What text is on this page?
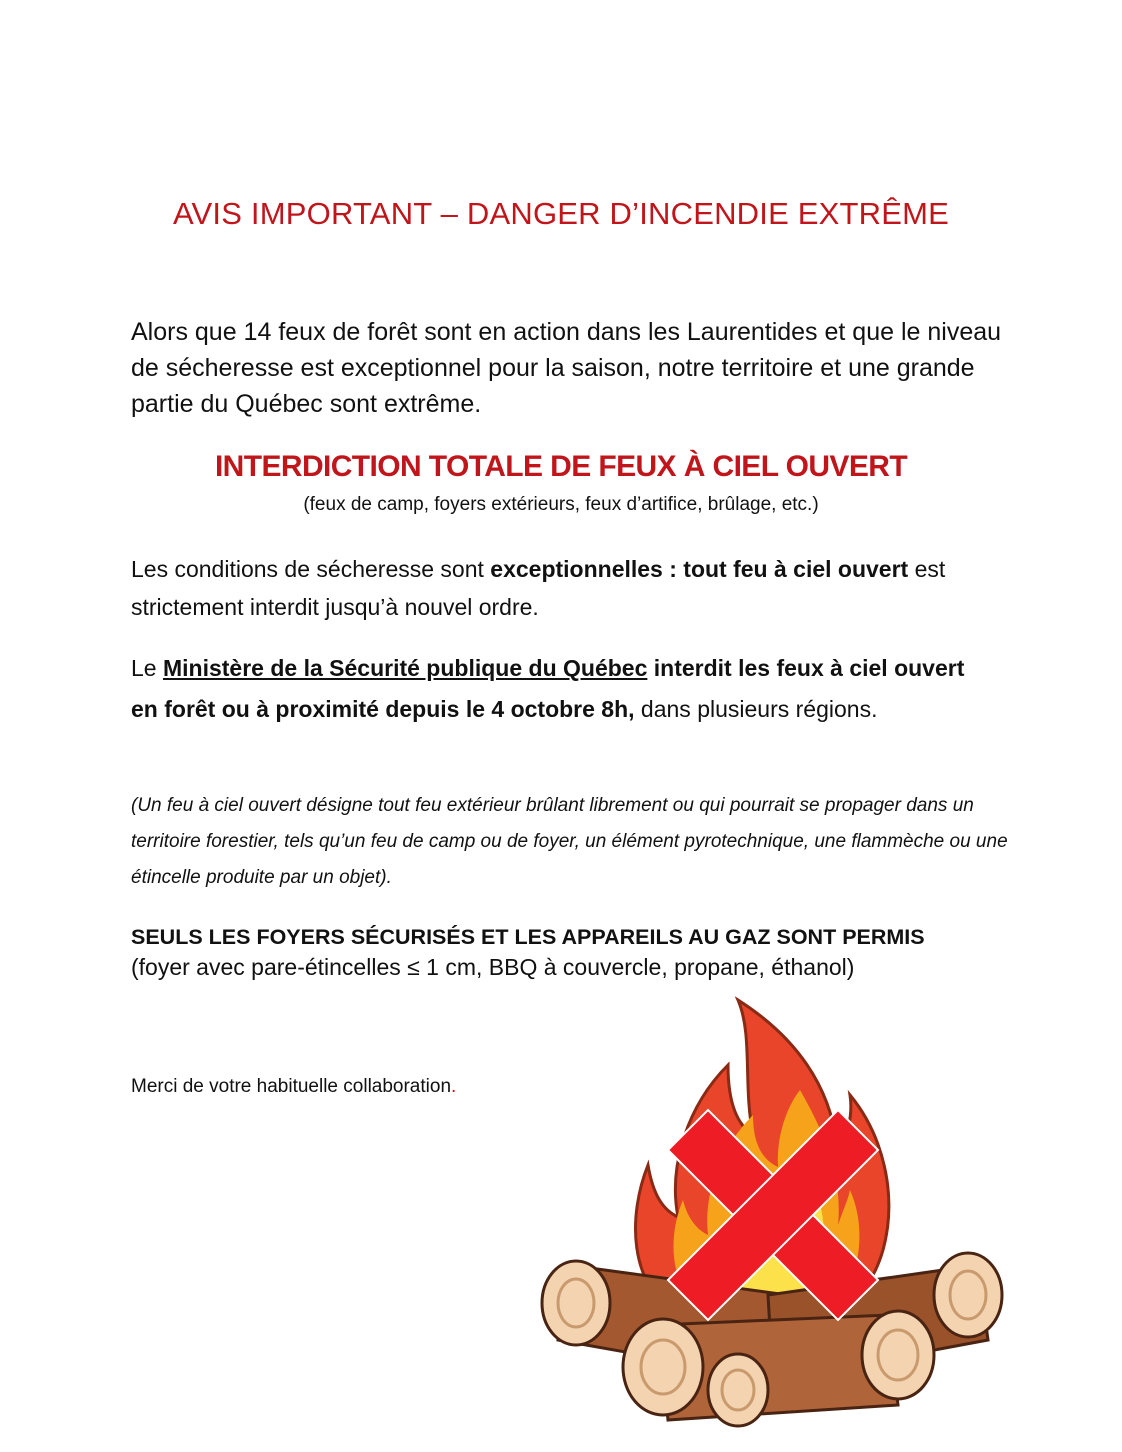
AVIS IMPORTANT – DANGER D’INCENDIE EXTRÊME
Alors que 14 feux de forêt sont en action dans les Laurentides et que le niveau de sécheresse est exceptionnel pour la saison, notre territoire et une grande partie du Québec sont extrême.
INTERDICTION TOTALE DE FEUX À CIEL OUVERT
(feux de camp, foyers extérieurs, feux d’artifice, brûlage, etc.)
Les conditions de sécheresse sont exceptionnelles : tout feu à ciel ouvert est strictement interdit jusqu’à nouvel ordre.
Le Ministère de la Sécurité publique du Québec interdit les feux à ciel ouvert en forêt ou à proximité depuis le 4 octobre 8h, dans plusieurs régions.
(Un feu à ciel ouvert désigne tout feu extérieur brûlant librement ou qui pourrait se propager dans un territoire forestier, tels qu’un feu de camp ou de foyer, un élément pyrotechnique, une flammèche ou une étincelle produite par un objet).
SEULS LES FOYERS SÉCURISÉS ET LES APPAREILS AU GAZ SONT PERMIS
(foyer avec pare-étincelles ≤ 1 cm, BBQ à couvercle, propane, éthanol)
Merci de votre habituelle collaboration.
